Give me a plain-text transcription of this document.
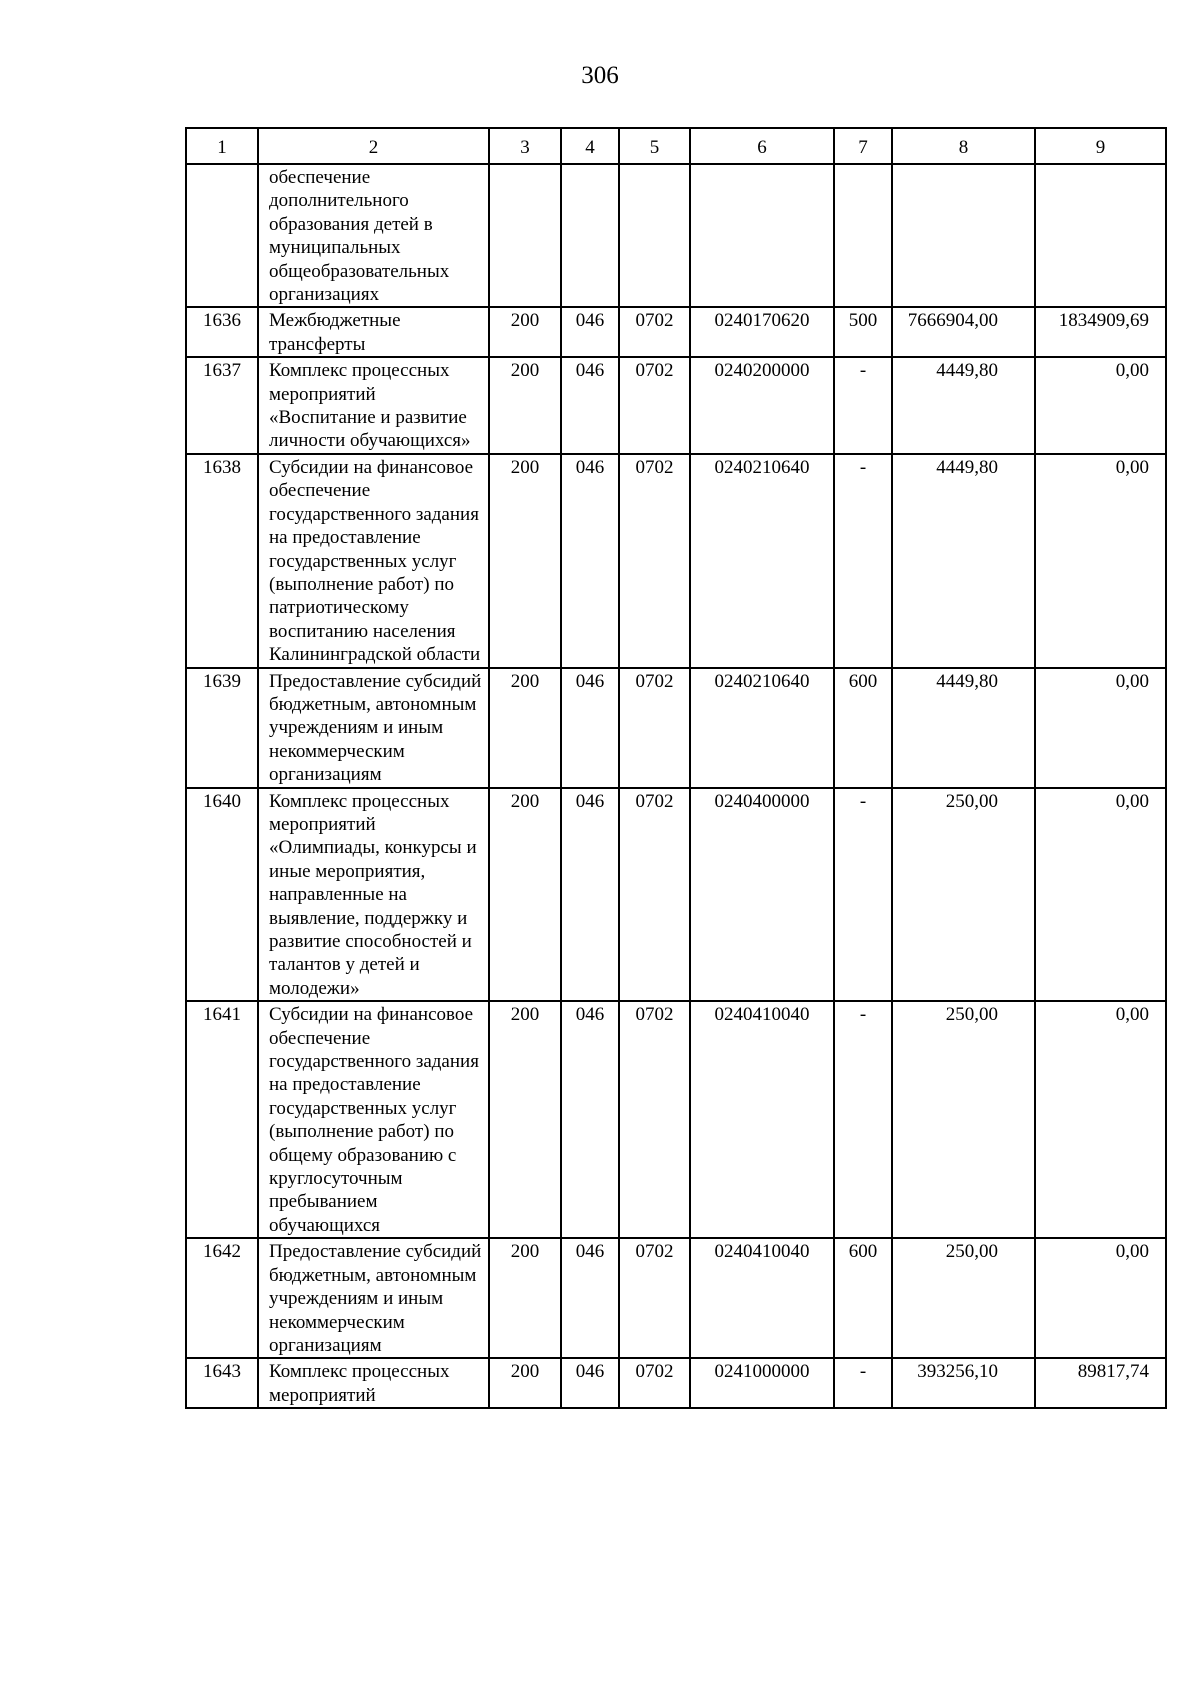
306
1	2	3	4	5	6	7	8	9
	обеспечение дополнительного образования детей в муниципальных общеобразовательных организациях							
1636	Межбюджетные трансферты	200	046	0702	0240170620	500	7666904,00	1834909,69
1637	Комплекс процессных мероприятий «Воспитание и развитие личности обучающихся»	200	046	0702	0240200000	-	4449,80	0,00
1638	Субсидии на финансовое обеспечение государственного задания на предоставление государственных услуг (выполнение работ) по патриотическому воспитанию населения Калининградской области	200	046	0702	0240210640	-	4449,80	0,00
1639	Предоставление субсидий бюджетным, автономным учреждениям и иным некоммерческим организациям	200	046	0702	0240210640	600	4449,80	0,00
1640	Комплекс процессных мероприятий «Олимпиады, конкурсы и иные мероприятия, направленные на выявление, поддержку и развитие способностей и талантов у детей и молодежи»	200	046	0702	0240400000	-	250,00	0,00
1641	Субсидии на финансовое обеспечение государственного задания на предоставление государственных услуг (выполнение работ) по общему образованию с круглосуточным пребыванием обучающихся	200	046	0702	0240410040	-	250,00	0,00
1642	Предоставление субсидий бюджетным, автономным учреждениям и иным некоммерческим организациям	200	046	0702	0240410040	600	250,00	0,00
1643	Комплекс процессных мероприятий	200	046	0702	0241000000	-	393256,10	89817,74
